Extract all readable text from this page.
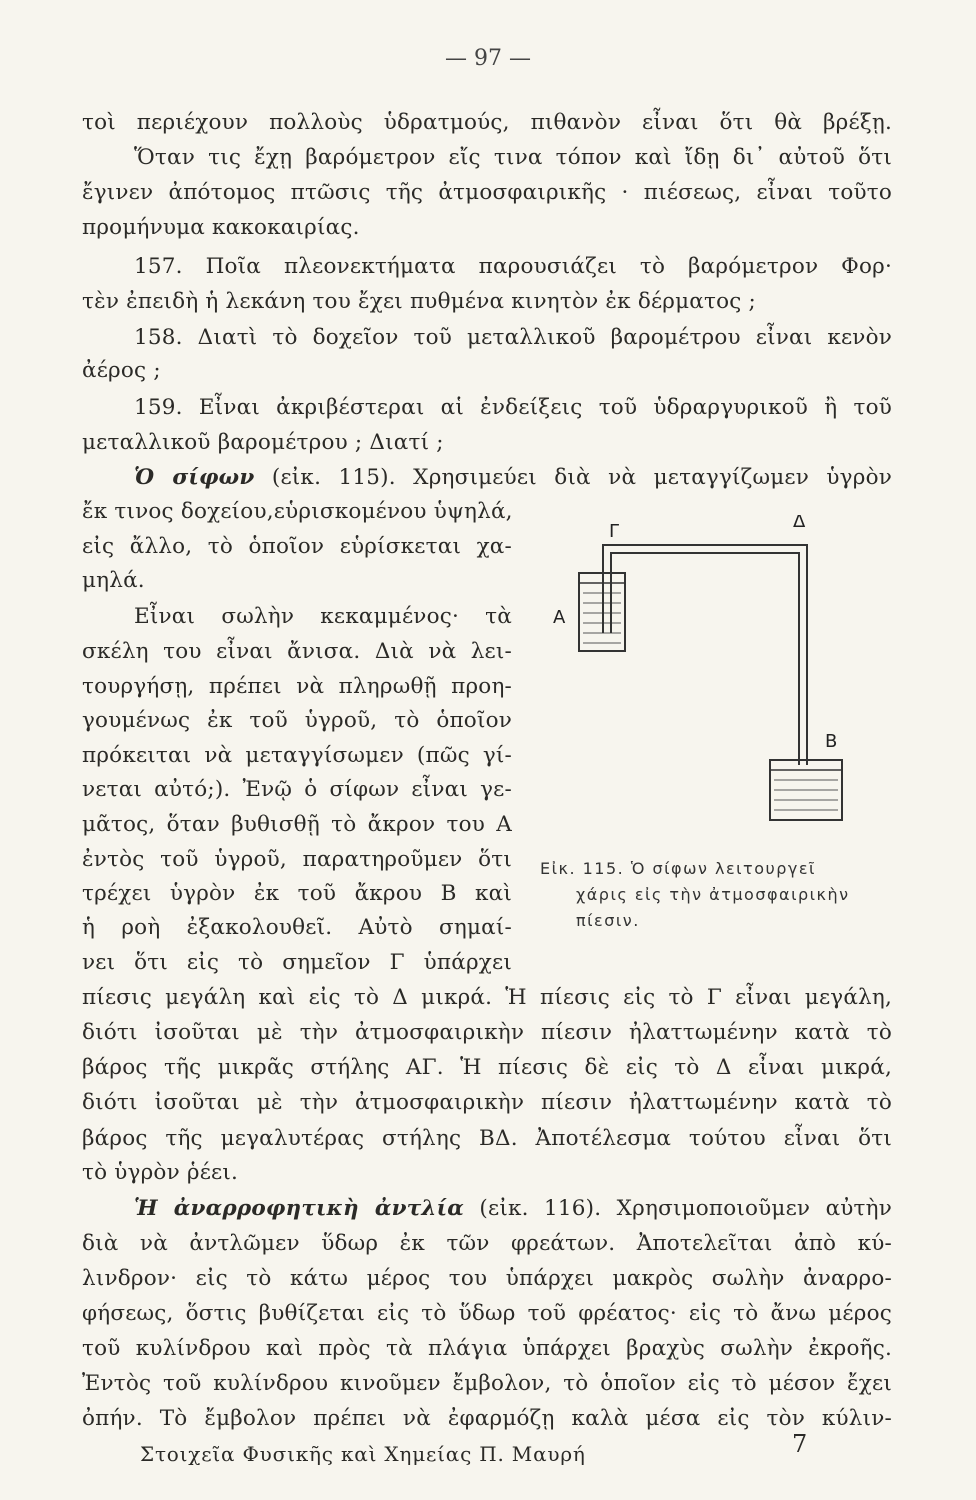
— 97 —
τοὶ περιέχουν πολλοὺς ὑδρατμούς, πιθανὸν εἶναι ὅτι θὰ βρέξῃ.
Ὅταν τις ἔχῃ βαρόμετρον εἴς τινα τόπον καὶ ἴδῃ δι᾿ αὐτοῦ ὅτι
ἔγινεν ἀπότομος πτῶσις τῆς ἀτμοσφαιρικῆς · πιέσεως, εἶναι τοῦτο
προμήνυμα κακοκαιρίας.
157. Ποῖα πλεονεκτήματα παρουσιάζει τὸ βαρόμετρον Φορ·
τὲν ἐπειδὴ ἡ λεκάνη του ἔχει πυθμένα κινητὸν ἐκ δέρματος ;
158. Διατὶ τὸ δοχεῖον τοῦ μεταλλικοῦ βαρομέτρου εἶναι κενὸν
ἀέρος ;
159. Εἶναι ἀκριβέστεραι αἱ ἐνδείξεις τοῦ ὑδραργυρικοῦ ἢ τοῦ
μεταλλικοῦ βαρομέτρου ; Διατί ;
Ὁ σίφων (εἰκ. 115). Χρησιμεύει διὰ νὰ μεταγγίζωμεν ὑγρὸν
ἔκ τινος δοχείου,εὑρισκομένου ὑψηλά,
εἰς ἄλλο, τὸ ὁποῖον εὑρίσκεται χα-
μηλά.
Εἶναι σωλὴν κεκαμμένος· τὰ
σκέλη του εἶναι ἄνισα. Διὰ νὰ λει-
τουργήσῃ, πρέπει νὰ πληρωθῇ προη-
γουμένως ἐκ τοῦ ὑγροῦ, τὸ ὁποῖον
πρόκειται νὰ μεταγγίσωμεν (πῶς γί-
νεται αὐτό;). Ἐνῷ ὁ σίφων εἶναι γε-
μᾶτος, ὅταν βυθισθῇ τὸ ἄκρον του Α
ἐντὸς τοῦ ὑγροῦ, παρατηροῦμεν ὅτι
τρέχει ὑγρὸν ἐκ τοῦ ἄκρου Β καὶ
ἡ ροὴ ἐξακολουθεῖ. Αὐτὸ σημαί-
νει ὅτι εἰς τὸ σημεῖον Γ ὑπάρχει
Γ	Δ
Α
Β
Εἰκ. 115. Ὁ σίφων λειτουργεῖ
χάρις εἰς τὴν ἀτμοσφαιρικὴν
πίεσιν.
πίεσις μεγάλη καὶ εἰς τὸ Δ μικρά. Ἡ πίεσις εἰς τὸ Γ εἶναι μεγάλη,
διότι ἰσοῦται μὲ τὴν ἀτμοσφαιρικὴν πίεσιν ἠλαττωμένην κατὰ τὸ
βάρος τῆς μικρᾶς στήλης ΑΓ. Ἡ πίεσις δὲ εἰς τὸ Δ εἶναι μικρά,
διότι ἰσοῦται μὲ τὴν ἀτμοσφαιρικὴν πίεσιν ἠλαττωμένην κατὰ τὸ
βάρος τῆς μεγαλυτέρας στήλης ΒΔ. Ἀποτέλεσμα τούτου εἶναι ὅτι
τὸ ὑγρὸν ῥέει.
Ἡ ἀναρροφητικὴ ἀντλία (εἰκ. 116). Χρησιμοποιοῦμεν αὐτὴν
διὰ νὰ ἀντλῶμεν ὕδωρ ἐκ τῶν φρεάτων. Ἀποτελεῖται ἀπὸ κύ-
λινδρον· εἰς τὸ κάτω μέρος του ὑπάρχει μακρὸς σωλὴν ἀναρρο-
φήσεως, ὅστις βυθίζεται εἰς τὸ ὕδωρ τοῦ φρέατος· εἰς τὸ ἄνω μέρος
τοῦ κυλίνδρου καὶ πρὸς τὰ πλάγια ὑπάρχει βραχὺς σωλὴν ἐκροῆς.
Ἐντὸς τοῦ κυλίνδρου κινοῦμεν ἔμβολον, τὸ ὁποῖον εἰς τὸ μέσον ἔχει
ὀπήν. Τὸ ἔμβολον πρέπει νὰ ἐφαρμόζῃ καλὰ μέσα εἰς τὸν κύλιν-
Στοιχεῖα Φυσικῆς καὶ Χημείας Π. Μαυρή	7
